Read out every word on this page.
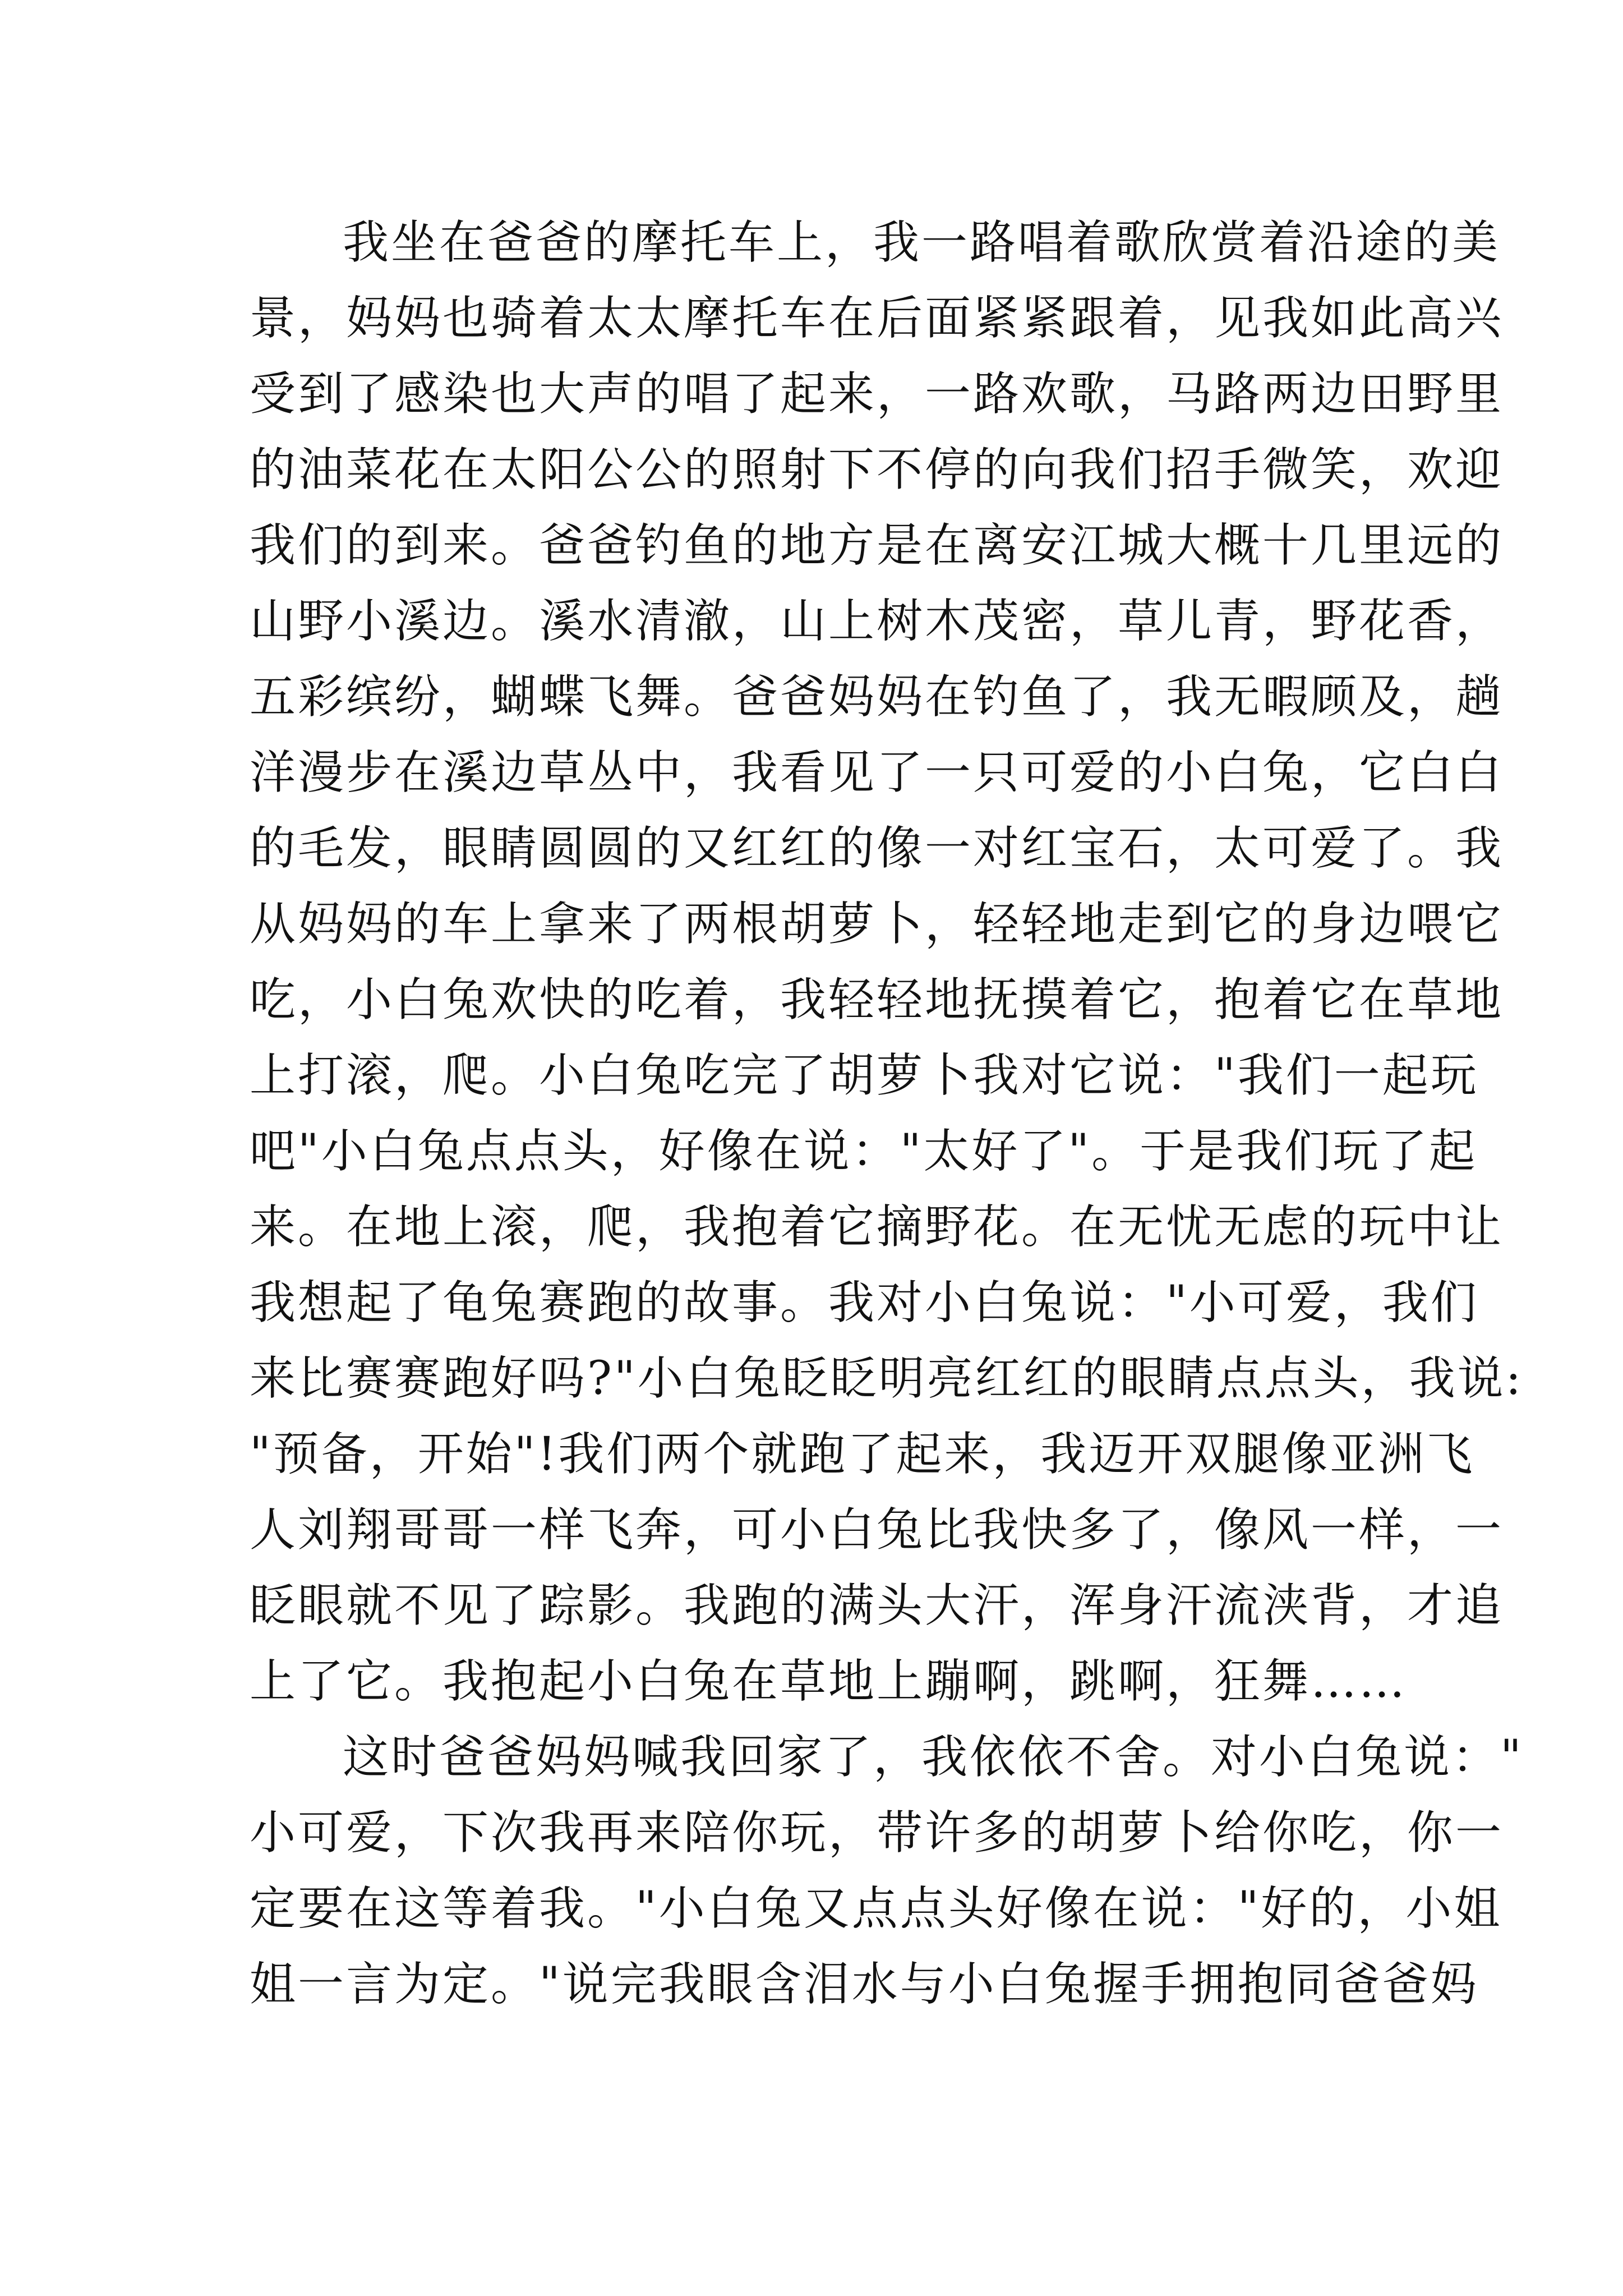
我坐在爸爸的摩托车上，我一路唱着歌欣赏着沿途的美
景，妈妈也骑着太太摩托车在后面紧紧跟着，见我如此高兴
受到了感染也大声的唱了起来，一路欢歌，马路两边田野里
的油菜花在太阳公公的照射下不停的向我们招手微笑，欢迎
我们的到来。爸爸钓鱼的地方是在离安江城大概十几里远的
山野小溪边。溪水清澈，山上树木茂密，草儿青，野花香，
五彩缤纷，蝴蝶飞舞。爸爸妈妈在钓鱼了，我无暇顾及，趟
洋漫步在溪边草丛中，我看见了一只可爱的小白兔，它白白
的毛发，眼睛圆圆的又红红的像一对红宝石，太可爱了。我
从妈妈的车上拿来了两根胡萝卜，轻轻地走到它的身边喂它
吃，小白兔欢快的吃着，我轻轻地抚摸着它，抱着它在草地
上打滚，爬。小白兔吃完了胡萝卜我对它说："我们一起玩
吧"小白兔点点头，好像在说："太好了"。于是我们玩了起
来。在地上滚，爬，我抱着它摘野花。在无忧无虑的玩中让
我想起了龟兔赛跑的故事。我对小白兔说："小可爱，我们
来比赛赛跑好吗?"小白兔眨眨明亮红红的眼睛点点头，我说:
"预备，开始"!我们两个就跑了起来，我迈开双腿像亚洲飞
人刘翔哥哥一样飞奔，可小白兔比我快多了，像风一样，一
眨眼就不见了踪影。我跑的满头大汗，浑身汗流浃背，才追
上了它。我抱起小白兔在草地上蹦啊，跳啊，狂舞……
这时爸爸妈妈喊我回家了，我依依不舍。对小白兔说："
小可爱，下次我再来陪你玩，带许多的胡萝卜给你吃，你一
定要在这等着我。"小白兔又点点头好像在说："好的，小姐
姐一言为定。"说完我眼含泪水与小白兔握手拥抱同爸爸妈
